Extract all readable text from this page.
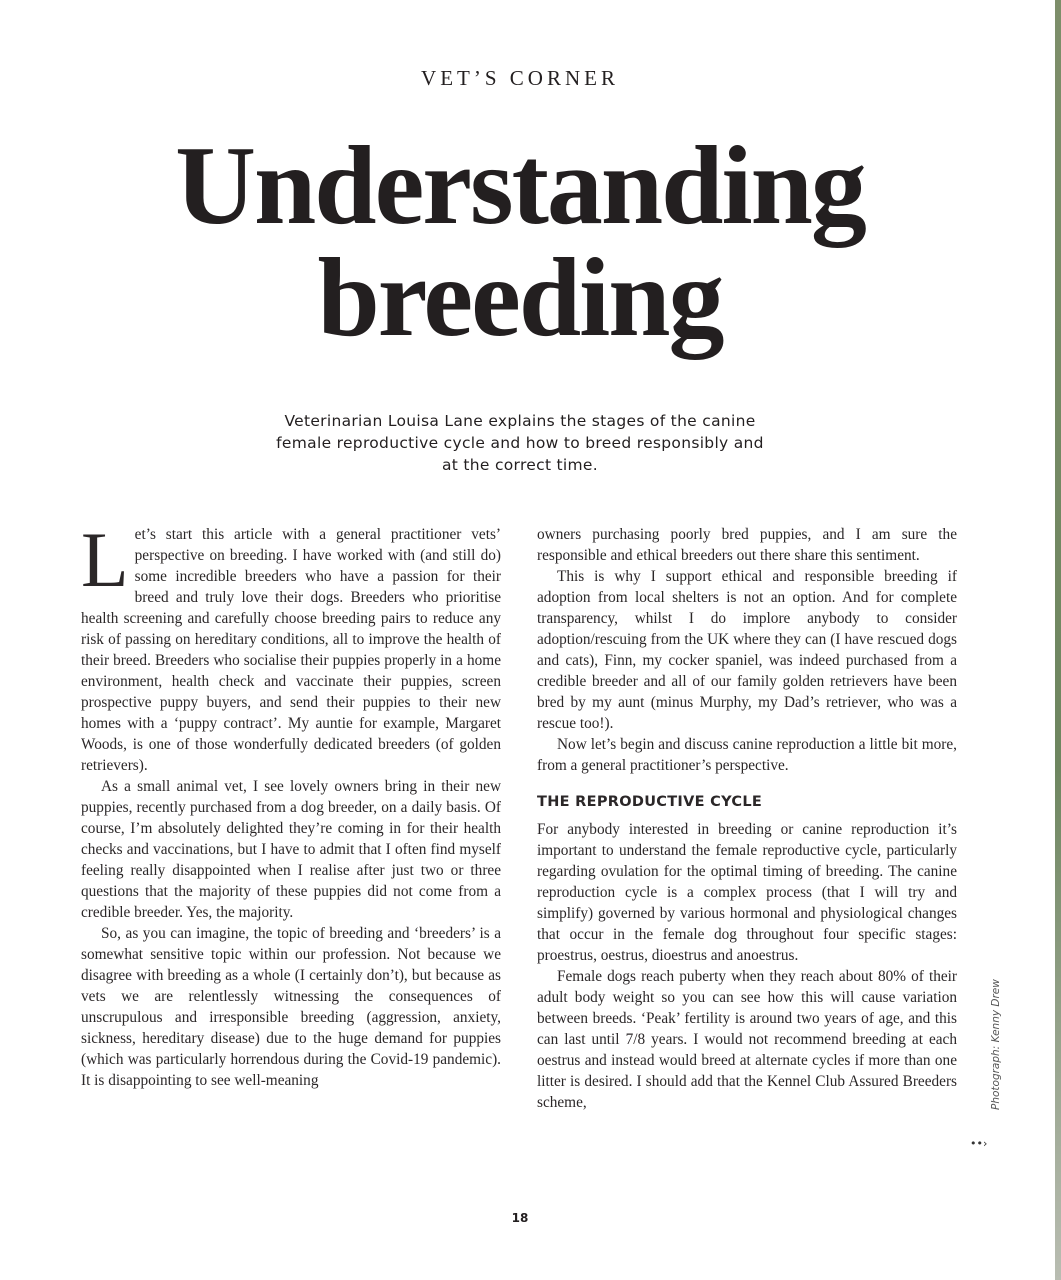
VET’S CORNER
Understanding
breeding
Veterinarian Louisa Lane explains the stages of the canine female reproductive cycle and how to breed responsibly and at the correct time.

Let’s start this article with a general practitioner vets’ perspective on breeding. I have worked with (and still do) some incredible breeders who have a passion for their breed and truly love their dogs. Breeders who prioritise health screening and carefully choose breeding pairs to reduce any risk of passing on hereditary conditions, all to improve the health of their breed. Breeders who socialise their puppies properly in a home environment, health check and vaccinate their puppies, screen prospective puppy buyers, and send their puppies to their new homes with a ‘puppy contract’. My auntie for example, Margaret Woods, is one of those wonderfully dedicated breeders (of golden retrievers).

As a small animal vet, I see lovely owners bring in their new puppies, recently purchased from a dog breeder, on a daily basis. Of course, I’m absolutely delighted they’re coming in for their health checks and vaccinations, but I have to admit that I often find myself feeling really disappointed when I realise after just two or three questions that the majority of these puppies did not come from a credible breeder. Yes, the majority.

So, as you can imagine, the topic of breeding and ‘breeders’ is a somewhat sensitive topic within our profession. Not because we disagree with breeding as a whole (I certainly don’t), but because as vets we are relentlessly witnessing the consequences of unscrupulous and irresponsible breeding (aggression, anxiety, sickness, hereditary disease) due to the huge demand for puppies (which was particularly horrendous during the Covid-19 pandemic). It is disappointing to see well-meaning

owners purchasing poorly bred puppies, and I am sure the responsible and ethical breeders out there share this sentiment.

This is why I support ethical and responsible breeding if adoption from local shelters is not an option. And for complete transparency, whilst I do implore anybody to consider adoption/rescuing from the UK where they can (I have rescued dogs and cats), Finn, my cocker spaniel, was indeed purchased from a credible breeder and all of our family golden retrievers have been bred by my aunt (minus Murphy, my Dad’s retriever, who was a rescue too!).

Now let’s begin and discuss canine reproduction a little bit more, from a general practitioner’s perspective.

THE REPRODUCTIVE CYCLE

For anybody interested in breeding or canine reproduction it’s important to understand the female reproductive cycle, particularly regarding ovulation for the optimal timing of breeding. The canine reproduction cycle is a complex process (that I will try and simplify) governed by various hormonal and physiological changes that occur in the female dog throughout four specific stages: proestrus, oestrus, dioestrus and anoestrus.

Female dogs reach puberty when they reach about 80% of their adult body weight so you can see how this will cause variation between breeds. ‘Peak’ fertility is around two years of age, and this can last until 7/8 years. I would not recommend breeding at each oestrus and instead would breed at alternate cycles if more than one litter is desired. I should add that the Kennel Club Assured Breeders scheme,	Photograph: Kenny Drew
••›
18
